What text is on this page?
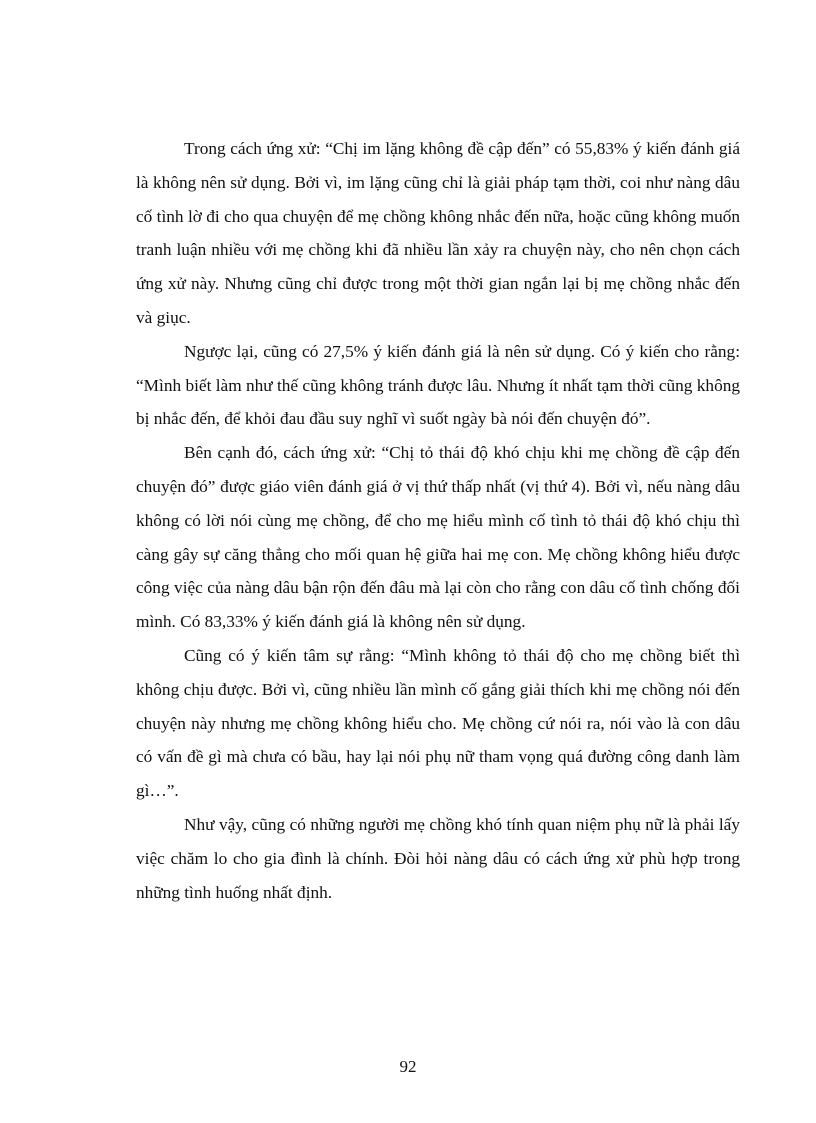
Trong cách ứng xử: “Chị im lặng không đề cập đến” có 55,83% ý kiến đánh giá là không nên sử dụng. Bởi vì, im lặng cũng chỉ là giải pháp tạm thời, coi như nàng dâu cố tình lờ đi cho qua chuyện để mẹ chồng không nhắc đến nữa, hoặc cũng không muốn tranh luận nhiều với mẹ chồng khi đã nhiều lần xảy ra chuyện này, cho nên chọn cách ứng xử này. Nhưng cũng chỉ được trong một thời gian ngắn lại bị mẹ chồng nhắc đến và giục.

Ngược lại, cũng có 27,5% ý kiến đánh giá là nên sử dụng. Có ý kiến cho rằng: “Mình biết làm như thế cũng không tránh được lâu. Nhưng ít nhất tạm thời cũng không bị nhắc đến, để khỏi đau đầu suy nghĩ vì suốt ngày bà nói đến chuyện đó”.

Bên cạnh đó, cách ứng xử: “Chị tỏ thái độ khó chịu khi mẹ chồng đề cập đến chuyện đó” được giáo viên đánh giá ở vị thứ thấp nhất (vị thứ 4). Bởi vì, nếu nàng dâu không có lời nói cùng mẹ chồng, để cho mẹ hiểu mình cố tình tỏ thái độ khó chịu thì càng gây sự căng thẳng cho mối quan hệ giữa hai mẹ con. Mẹ chồng không hiểu được công việc của nàng dâu bận rộn đến đâu mà lại còn cho rằng con dâu cố tình chống đối mình. Có 83,33% ý kiến đánh giá là không nên sử dụng.

Cũng có ý kiến tâm sự rằng: “Mình không tỏ thái độ cho mẹ chồng biết thì không chịu được. Bởi vì, cũng nhiều lần mình cố gắng giải thích khi mẹ chồng nói đến chuyện này nhưng mẹ chồng không hiểu cho. Mẹ chồng cứ nói ra, nói vào là con dâu có vấn đề gì mà chưa có bầu, hay lại nói phụ nữ tham vọng quá đường công danh làm gì…”.

Như vậy, cũng có những người mẹ chồng khó tính quan niệm phụ nữ là phải lấy việc chăm lo cho gia đình là chính. Đòi hỏi nàng dâu có cách ứng xử phù hợp trong những tình huống nhất định.

92
